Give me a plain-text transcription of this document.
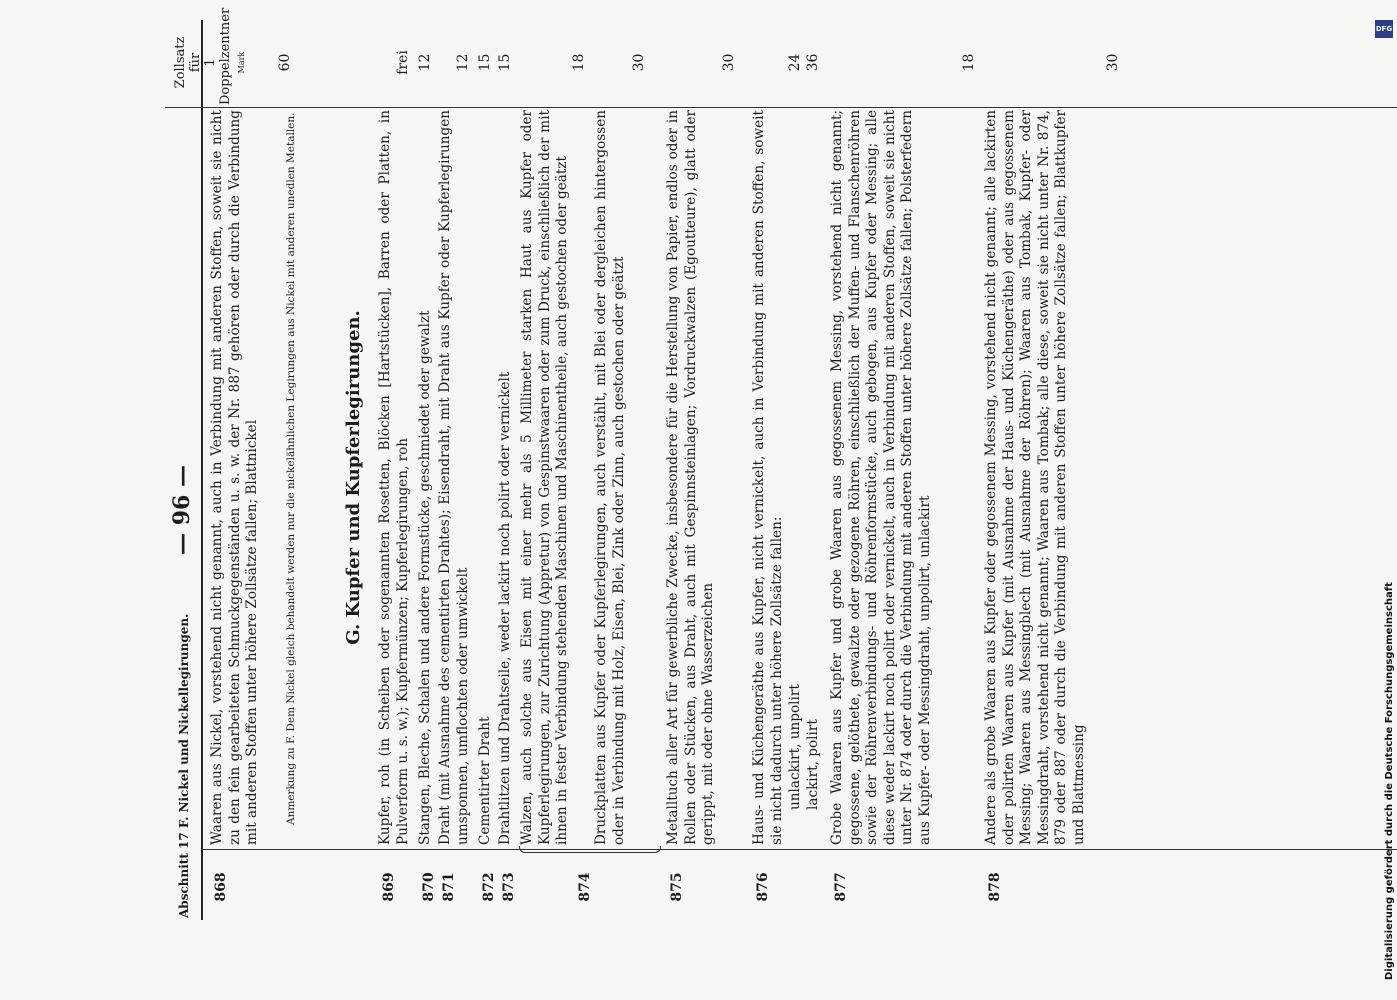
Abschnitt 17 F. Nickel und Nickellegirungen.
— 96 —
Zollsatz für 1 Doppelzentner Mark
868
Waaren aus Nickel, vorstehend nicht genannt, auch in Verbindung mit anderen Stoffen, soweit sie nicht zu den fein gearbeiteten Schmuckgegenständen u. s. w. der Nr. 887 gehören oder durch die Verbindung mit anderen Stoffen unter höhere Zollsätze fallen; Blattnickel
60
Anmerkung zu F. Dem Nickel gleich behandelt werden nur die nickelähnlichen Legirungen aus Nickel mit anderen unedlen Metallen.	G. Kupfer und Kupferlegirungen.
869
Kupfer, roh (in Scheiben oder sogenannten Rosetten, Blöcken [Hartstücken], Barren oder Platten, in Pulverform u. s. w.); Kupfermünzen; Kupferlegirungen, roh
frei
870
Stangen, Bleche, Schalen und andere Formstücke, geschmiedet oder gewalzt
12
871
Draht (mit Ausnahme des cementirten Drahtes); Eisendraht, mit Draht aus Kupfer oder Kupferlegirungen umsponnen, umflochten oder umwickelt
12
872
Cementirter Draht
15
873
Drahtlitzen und Drahtseile, weder lackirt noch polirt oder vernickelt
15
874
Walzen, auch solche aus Eisen mit einer mehr als 5 Millimeter starken Haut aus Kupfer oder Kupferlegirungen, zur Zurichtung (Appretur) von Gespinstwaaren oder zum Druck, einschließlich der mit ihnen in fester Verbindung stehenden Maschinen und Maschinentheile, auch gestochen oder geätzt
18
Druckplatten aus Kupfer oder Kupferlegirungen, auch verstählt, mit Blei oder dergleichen hintergossen oder in Verbindung mit Holz, Eisen, Blei, Zink oder Zinn, auch gestochen oder geätzt
30
875
Metalltuch aller Art für gewerbliche Zwecke, insbesondere für die Herstellung von Papier, endlos oder in Rollen oder Stücken, aus Draht, auch mit Gespinnsteinlagen; Vordruckwalzen (Egoutteure), glatt oder gerippt, mit oder ohne Wasserzeichen
30
876
Haus- und Küchengeräthe aus Kupfer, nicht vernickelt, auch in Verbindung mit anderen Stoffen, soweit sie nicht dadurch unter höhere Zollsätze fallen: unlackirt, unpolirt
24
lackirt, polirt
36
877
Grobe Waaren aus Kupfer und grobe Waaren aus gegossenem Messing, vorstehend nicht genannt; gegossene, gelöthete, gewalzte oder gezogene Röhren, einschließlich der Muffen- und Flanschenröhren sowie der Röhrenverbindungs- und Röhrenformstücke, auch gebogen, aus Kupfer oder Messing; alle diese weder lackirt noch polirt oder vernickelt, auch in Verbindung mit anderen Stoffen, soweit sie nicht unter Nr. 874 oder durch die Verbindung mit anderen Stoffen unter höhere Zollsätze fallen; Polsterfedern aus Kupfer- oder Messingdraht, unpolirt, unlackirt
18
878
Andere als grobe Waaren aus Kupfer oder gegossenem Messing, vorstehend nicht genannt; alle lackirten oder polirten Waaren aus Kupfer (mit Ausnahme der Haus- und Küchengeräthe) oder aus gegossenem Messing; Waaren aus Messingblech (mit Ausnahme der Röhren); Waaren aus Tombak, Kupfer- oder Messingdraht, vorstehend nicht genannt; Waaren aus Tombak; alle diese, soweit sie nicht unter Nr. 874, 879 oder 887 oder durch die Verbindung mit anderen Stoffen unter höhere Zollsätze fallen; Blattkupfer und Blattmessing
30
DFG
Digitalisierung gefördert durch die Deutsche Forschungsgemeinschaft
